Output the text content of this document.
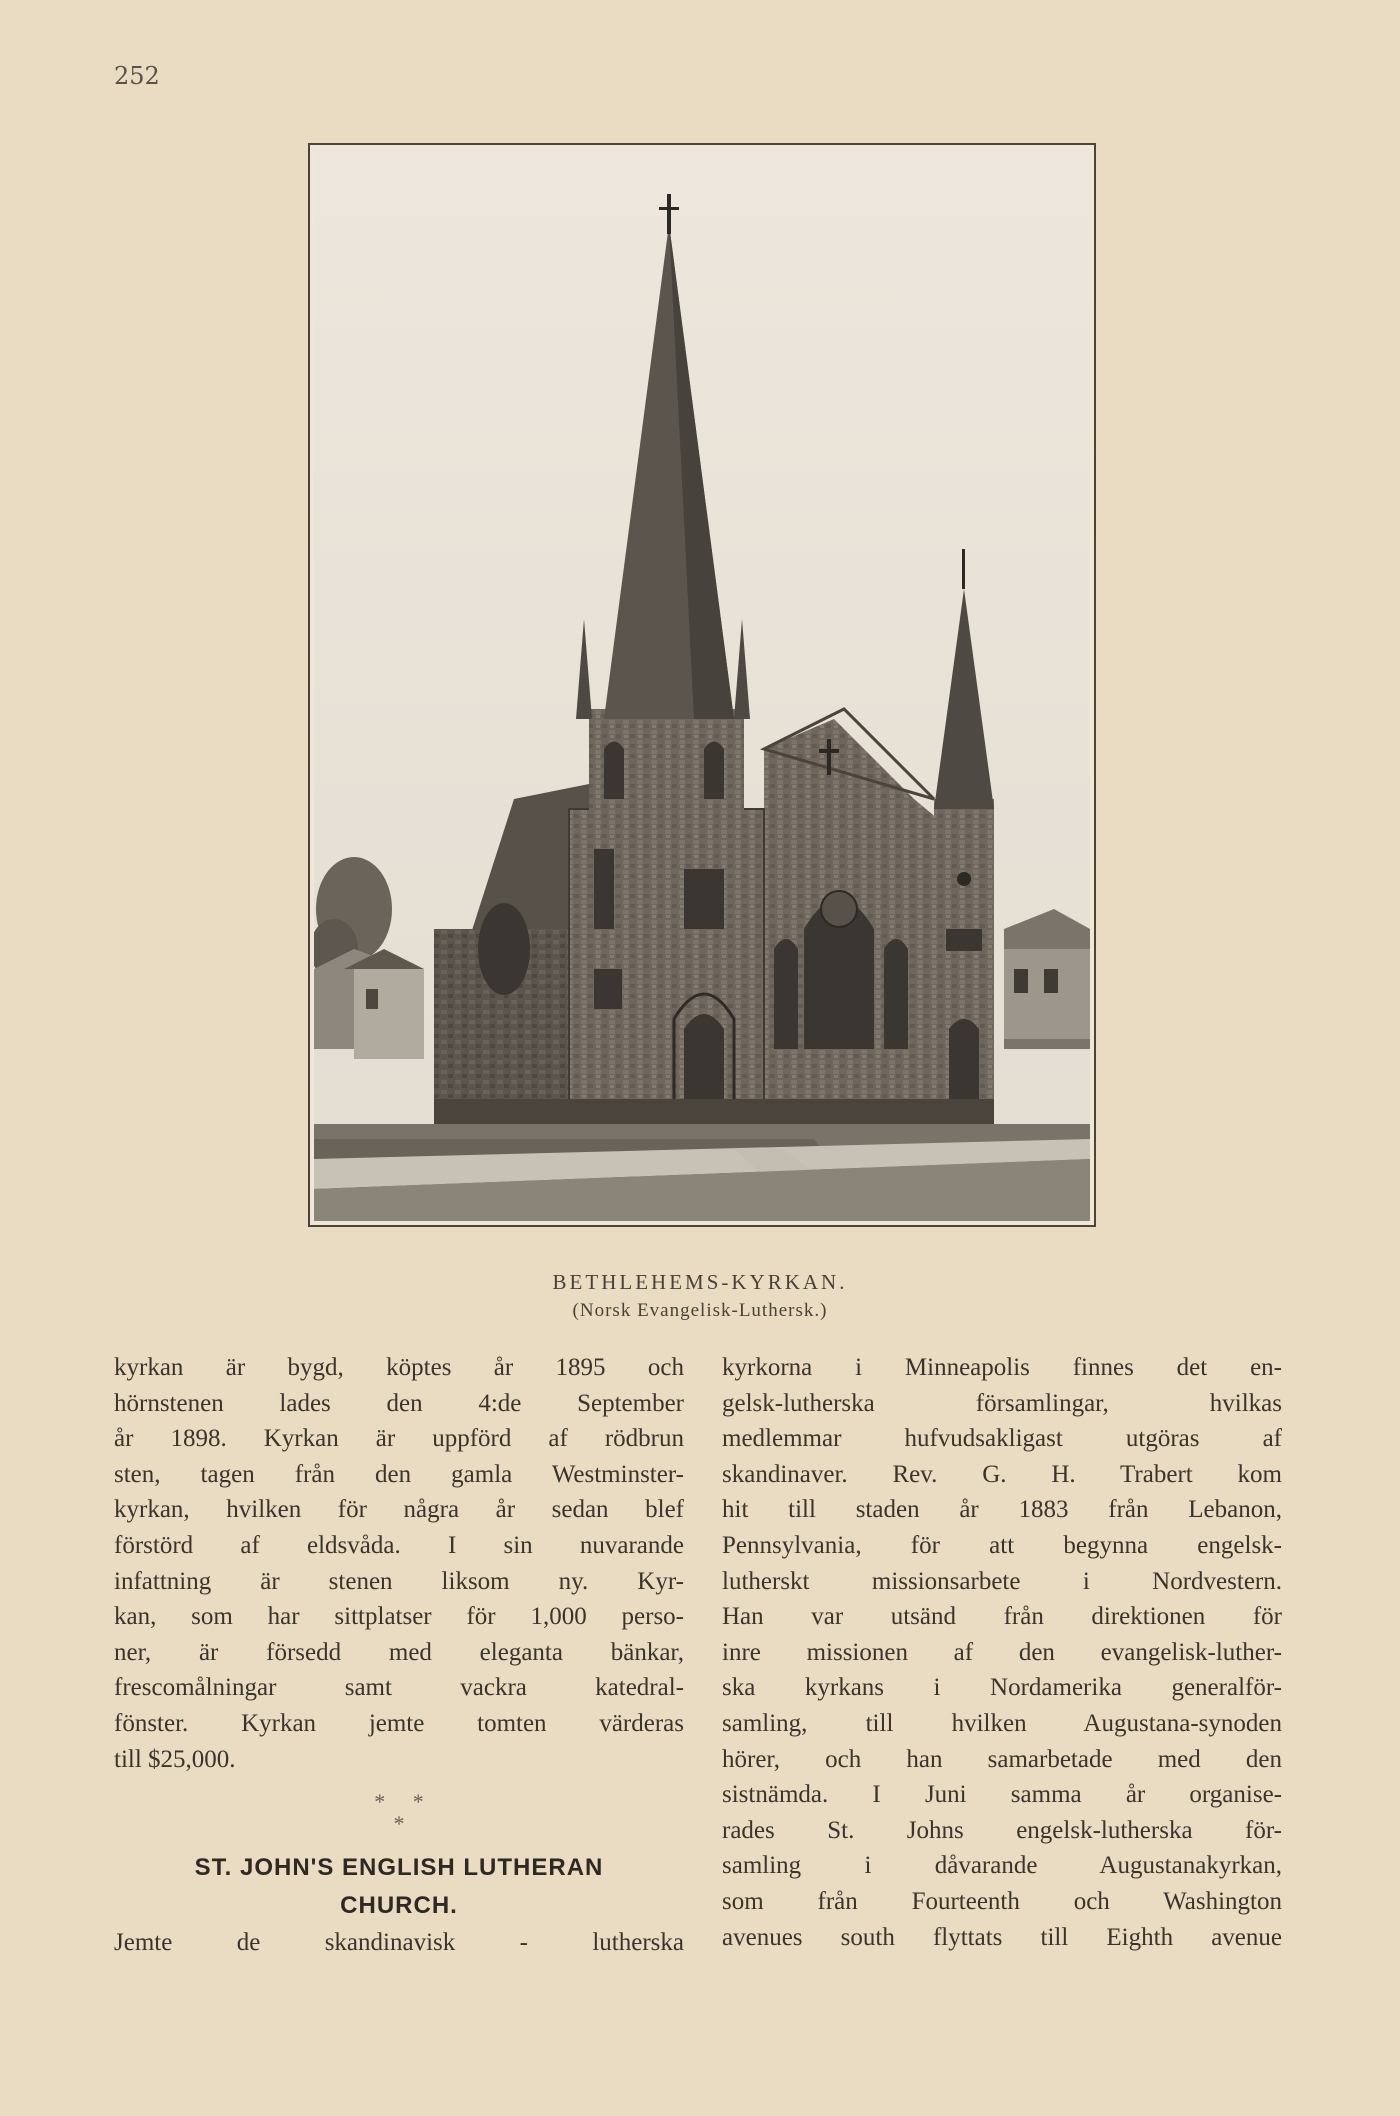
252
BETHLEHEMS-KYRKAN.
(Norsk Evangelisk-Luthersk.)
kyrkan är bygd, köptes år 1895 och
hörnstenen lades den 4:de September
år 1898. Kyrkan är uppförd af rödbrun
sten, tagen från den gamla Westminster-
kyrkan, hvilken för några år sedan blef
förstörd af eldsvåda. I sin nuvarande
infattning är stenen liksom ny. Kyr-
kan, som har sittplatser för 1,000 perso-
ner, är försedd med eleganta bänkar,
frescomålningar samt vackra katedral-
fönster. Kyrkan jemte tomten värderas
till $25,000.
*     *
*
ST. JOHN'S ENGLISH LUTHERAN
CHURCH.
Jemte de skandinavisk - lutherska
kyrkorna i Minneapolis finnes det en-
gelsk-lutherska församlingar, hvilkas
medlemmar hufvudsakligast utgöras af
skandinaver. Rev. G. H. Trabert kom
hit till staden år 1883 från Lebanon,
Pennsylvania, för att begynna engelsk-
lutherskt missionsarbete i Nordvestern.
Han var utsänd från direktionen för
inre missionen af den evangelisk-luther-
ska kyrkans i Nordamerika generalför-
samling, till hvilken Augustana-synoden
hörer, och han samarbetade med den
sistnämda. I Juni samma år organise-
rades St. Johns engelsk-lutherska för-
samling i dåvarande Augustanakyrkan,
som från Fourteenth och Washington
avenues south flyttats till Eighth avenue
